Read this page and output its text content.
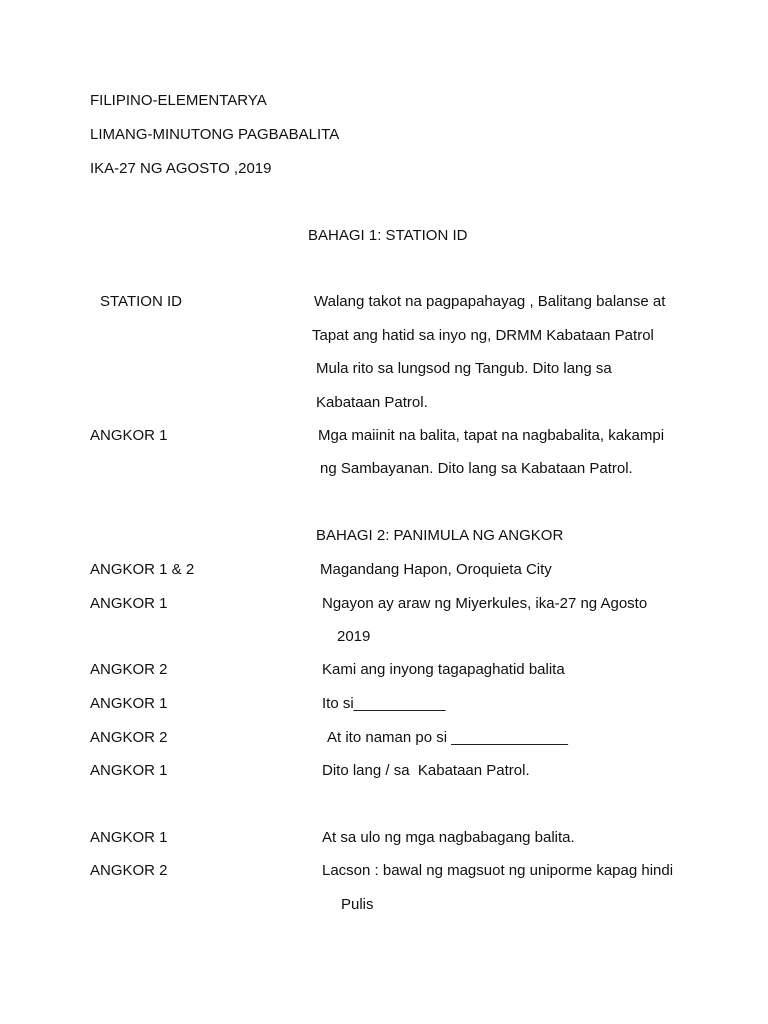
FILIPINO-ELEMENTARYA

LIMANG-MINUTONG PAGBABALITA

IKA-27 NG AGOSTO ,2019

BAHAGI 1: STATION ID

STATION ID	Walang takot na pagpapahayag , Balitang balanse at

Tapat ang hatid sa inyo ng, DRMM Kabataan Patrol

Mula rito sa lungsod ng Tangub. Dito lang sa

Kabataan Patrol.

ANGKOR 1	Mga maiinit na balita, tapat na nagbabalita, kakampi

ng Sambayanan. Dito lang sa Kabataan Patrol.

BAHAGI 2: PANIMULA NG ANGKOR

ANGKOR 1 & 2	Magandang Hapon, Oroquieta City

ANGKOR 1	Ngayon ay araw ng Miyerkules, ika-27 ng Agosto

2019

ANGKOR 2	Kami ang inyong tagapaghatid balita

ANGKOR 1	Ito si___________

ANGKOR 2	At ito naman po si ______________

ANGKOR 1	Dito lang / sa  Kabataan Patrol.

ANGKOR 1	At sa ulo ng mga nagbabagang balita.

ANGKOR 2	Lacson : bawal ng magsuot ng uniporme kapag hindi

Pulis
